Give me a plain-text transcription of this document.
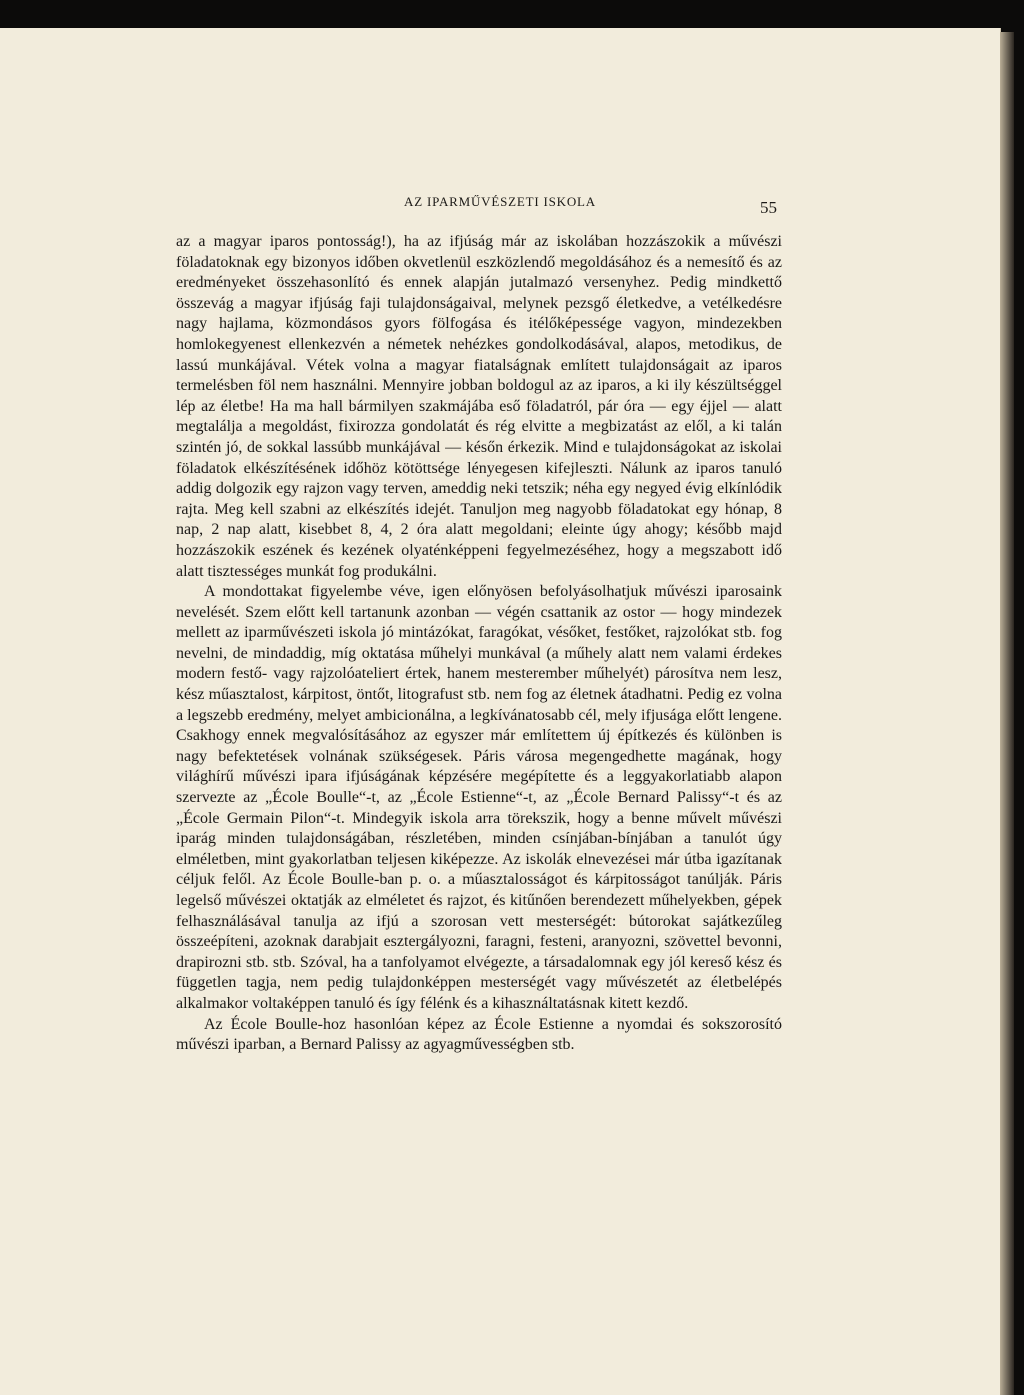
AZ IPARMŰVÉSZETI ISKOLA	55

az a magyar iparos pontosság!), ha az ifjúság már az iskolában hozzászokik a művészi föladatoknak egy bizonyos időben okvetlenül eszközlendő megoldásához és a nemesítő és az eredményeket összehasonlító és ennek alapján jutalmazó versenyhez. Pedig mindkettő összevág a magyar ifjúság faji tulajdonságaival, melynek pezsgő életkedve, a vetélkedésre nagy hajlama, közmondásos gyors fölfogása és itélőképessége vagyon, mindezekben homlokegyenest ellenkezvén a németek nehézkes gondolkodásával, alapos, metodikus, de lassú munkájával. Vétek volna a magyar fiatalságnak említett tulajdonságait az iparos termelésben föl nem használni. Mennyire jobban boldogul az az iparos, a ki ily készültséggel lép az életbe! Ha ma hall bármilyen szakmájába eső föladatról, pár óra — egy éjjel — alatt megtalálja a megoldást, fixirozza gondolatát és rég elvitte a megbizatást az elől, a ki talán szintén jó, de sokkal lassúbb munkájával — későn érkezik. Mind e tulajdonságokat az iskolai föladatok elkészítésének időhöz kötöttsége lényegesen kifejleszti. Nálunk az iparos tanuló addig dolgozik egy rajzon vagy terven, ameddig neki tetszik; néha egy negyed évig elkínlódik rajta. Meg kell szabni az elkészítés idejét. Tanuljon meg nagyobb föladatokat egy hónap, 8 nap, 2 nap alatt, kisebbet 8, 4, 2 óra alatt megoldani; eleinte úgy ahogy; később majd hozzászokik eszének és kezének olyaténképpeni fegyelmezéséhez, hogy a megszabott idő alatt tisztességes munkát fog produkálni.

A mondottakat figyelembe véve, igen előnyösen befolyásolhatjuk művészi iparosaink nevelését. Szem előtt kell tartanunk azonban — végén csattanik az ostor — hogy mindezek mellett az iparművészeti iskola jó mintázókat, faragókat, vésőket, festőket, rajzolókat stb. fog nevelni, de mindaddig, míg oktatása műhelyi munkával (a műhely alatt nem valami érdekes modern festő- vagy rajzolóateliert értek, hanem mesterember műhelyét) párosítva nem lesz, kész műasztalost, kárpitost, öntőt, litografust stb. nem fog az életnek átadhatni. Pedig ez volna a legszebb eredmény, melyet ambicionálna, a legkívánatosabb cél, mely ifjusága előtt lengene. Csakhogy ennek megvalósításához az egyszer már említettem új építkezés és különben is nagy befektetések volnának szükségesek. Páris városa megengedhette magának, hogy világhírű művészi ipara ifjúságának képzésére megépítette és a leggyakorlatiabb alapon szervezte az „École Boulle“-t, az „École Estienne“-t, az „École Bernard Palissy“-t és az „École Germain Pilon“-t. Mindegyik iskola arra törekszik, hogy a benne művelt művészi iparág minden tulajdonságában, részletében, minden csínjában-bínjában a tanulót úgy elméletben, mint gyakorlatban teljesen kiképezze. Az iskolák elnevezései már útba igazítanak céljuk felől. Az École Boulle-ban p. o. a műasztalosságot és kárpitosságot tanúlják. Páris legelső művészei oktatják az elméletet és rajzot, és kitűnően berendezett műhelyekben, gépek felhasználásával tanulja az ifjú a szorosan vett mesterségét: bútorokat sajátkezűleg összeépíteni, azoknak darabjait esztergályozni, faragni, festeni, aranyozni, szövettel bevonni, drapirozni stb. stb. Szóval, ha a tanfolyamot elvégezte, a társadalomnak egy jól kereső kész és független tagja, nem pedig tulajdonképpen mesterségét vagy művészetét az életbelépés alkalmakor voltaképpen tanuló és így félénk és a kihasználtatásnak kitett kezdő.

Az École Boulle-hoz hasonlóan képez az École Estienne a nyomdai és sokszorosító művészi iparban, a Bernard Palissy az agyagművességben stb.
